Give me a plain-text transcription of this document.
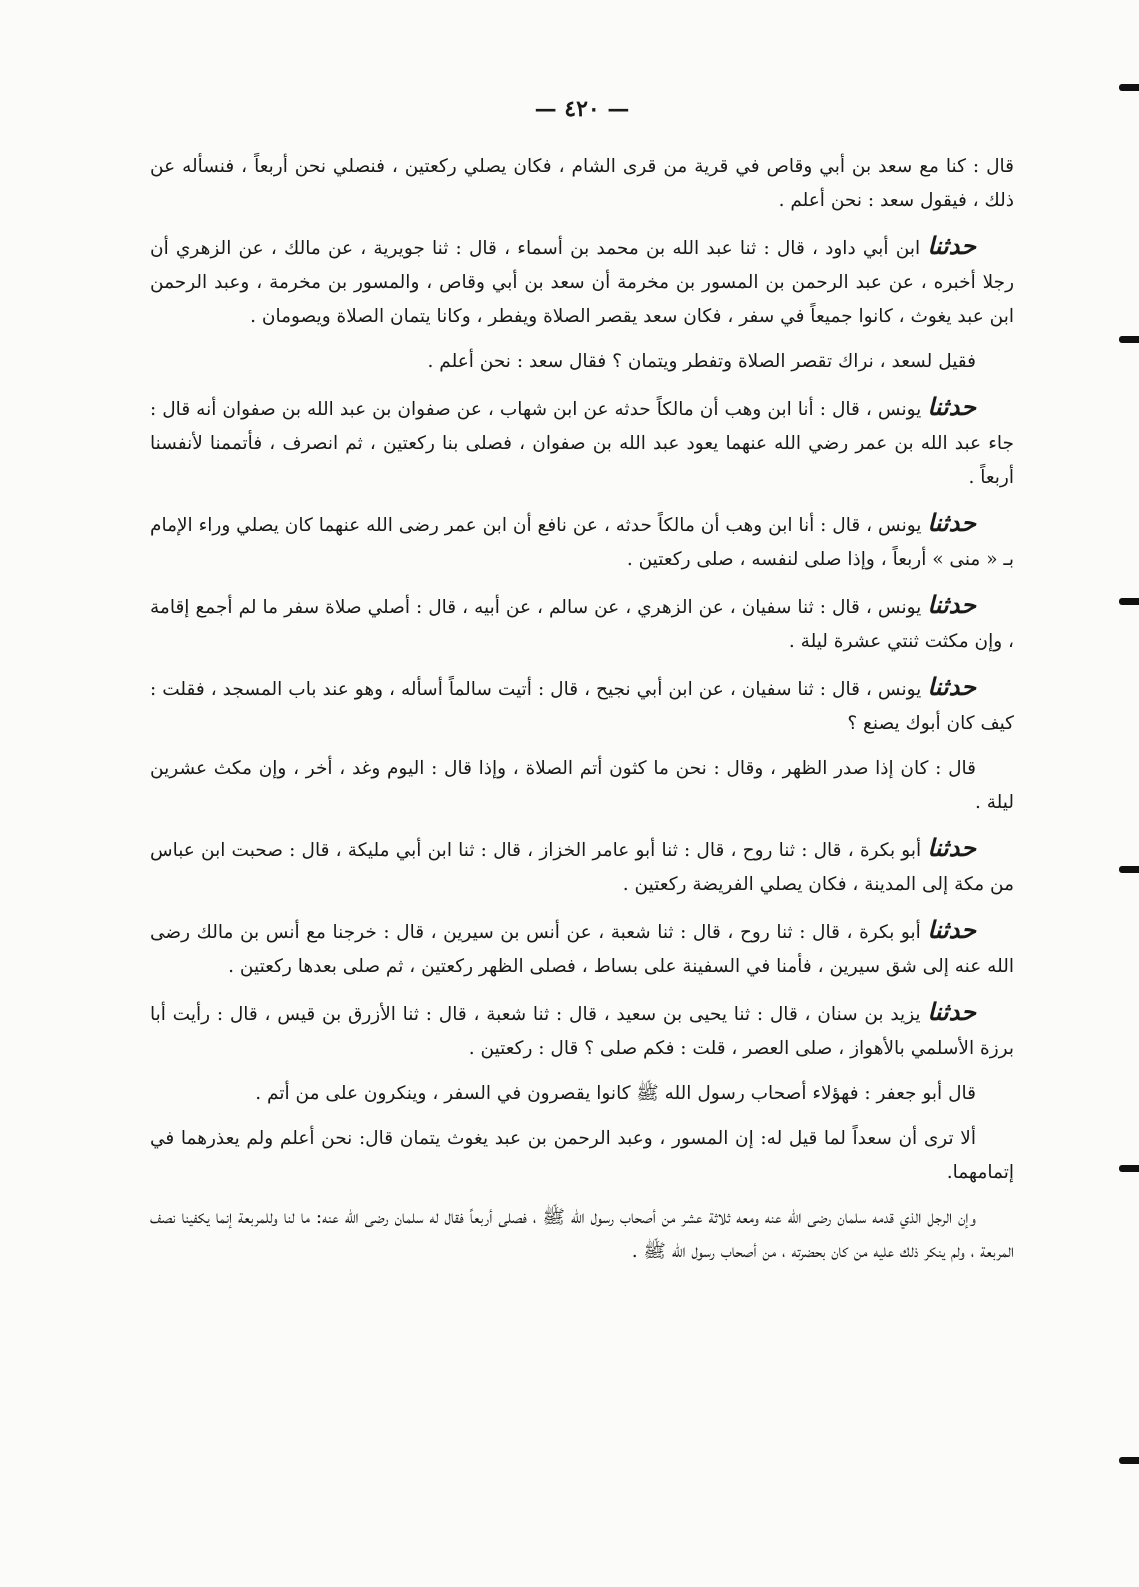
— ٤٢٠ —

قال : كنا مع سعد بن أبي وقاص في قرية من قرى الشام ، فكان يصلي ركعتين ، فنصلي نحن أربعاً ، فنسأله عن ذلك ، فيقول سعد : نحن أعلم .

حدثنا ابن أبي داود ، قال : ثنا عبد الله بن محمد بن أسماء ، قال : ثنا جويرية ، عن مالك ، عن الزهري أن رجلا أخبره ، عن عبد الرحمن بن المسور بن مخرمة أن سعد بن أبي وقاص ، والمسور بن مخرمة ، وعبد الرحمن ابن عبد يغوث ، كانوا جميعاً في سفر ، فكان سعد يقصر الصلاة ويفطر ، وكانا يتمان الصلاة ويصومان .

فقيل لسعد ، نراك تقصر الصلاة وتفطر ويتمان ؟ فقال سعد : نحن أعلم .

حدثنا يونس ، قال : أنا ابن وهب أن مالكاً حدثه عن ابن شهاب ، عن صفوان بن عبد الله بن صفوان أنه قال : جاء عبد الله بن عمر رضي الله عنهما يعود عبد الله بن صفوان ، فصلى بنا ركعتين ، ثم انصرف ، فأتممنا لأنفسنا أربعاً .

حدثنا يونس ، قال : أنا ابن وهب أن مالكاً حدثه ، عن نافع أن ابن عمر رضى الله عنهما كان يصلي وراء الإمام بـ « منى » أربعاً ، وإذا صلى لنفسه ، صلى ركعتين .

حدثنا يونس ، قال : ثنا سفيان ، عن الزهري ، عن سالم ، عن أبيه ، قال : أصلي صلاة سفر ما لم أجمع إقامة ، وإن مكثت ثنتي عشرة ليلة .

حدثنا يونس ، قال : ثنا سفيان ، عن ابن أبي نجيح ، قال : أتيت سالماً أسأله ، وهو عند باب المسجد ، فقلت : كيف كان أبوك يصنع ؟

قال : كان إذا صدر الظهر ، وقال : نحن ما كثون أتم الصلاة ، وإذا قال : اليوم وغد ، أخر ، وإن مكث عشرين ليلة .

حدثنا أبو بكرة ، قال : ثنا روح ، قال : ثنا أبو عامر الخزاز ، قال : ثنا ابن أبي مليكة ، قال : صحبت ابن عباس من مكة إلى المدينة ، فكان يصلي الفريضة ركعتين .

حدثنا أبو بكرة ، قال : ثنا روح ، قال : ثنا شعبة ، عن أنس بن سيرين ، قال : خرجنا مع أنس بن مالك رضى الله عنه إلى شق سيرين ، فأمنا في السفينة على بساط ، فصلى الظهر ركعتين ، ثم صلى بعدها ركعتين .

حدثنا يزيد بن سنان ، قال : ثنا يحيى بن سعيد ، قال : ثنا شعبة ، قال : ثنا الأزرق بن قيس ، قال : رأيت أبا برزة الأسلمي بالأهواز ، صلى العصر ، قلت : فكم صلى ؟ قال : ركعتين .

قال أبو جعفر : فهؤلاء أصحاب رسول الله ﷺ كانوا يقصرون في السفر ، وينكرون على من أتم .

ألا ترى أن سعداً لما قيل له: إن المسور ، وعبد الرحمن بن عبد يغوث يتمان قال: نحن أعلم ولم يعذرهما في إتمامهما.

وإن الرجل الذي قدمه سلمان رضى الله عنه ومعه ثلاثة عشر من أصحاب رسول الله ﷺ ، فصلى أربعاً فقال له سلمان رضى الله عنه: ما لنا وللمربعة إنما يكفينا نصف المربعة ، ولم ينكر ذلك عليه من كان بحضرته ، من أصحاب رسول الله ﷺ .
